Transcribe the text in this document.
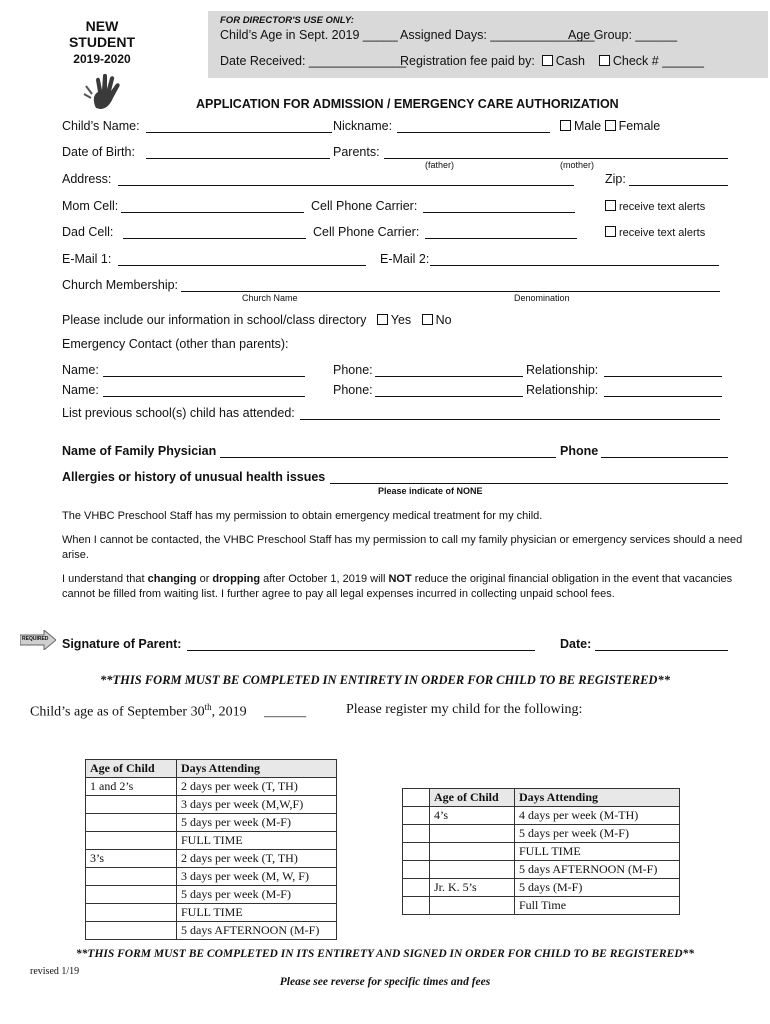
NEW
STUDENT
2019-2020
FOR DIRECTOR'S USE ONLY:
Child’s Age in Sept. 2019 _____ Assigned Days: _______________
Age Group: ______
Date Received: ______________
Registration fee paid by: Cash Check # ______
APPLICATION FOR ADMISSION / EMERGENCY CARE AUTHORIZATION
Child’s Name:	Nickname:	Male Female
Date of Birth:	Parents:
(father)	(mother)
Address:	Zip:
Mom Cell:	Cell Phone Carrier:	receive text alerts
Dad Cell:	Cell Phone Carrier:	receive text alerts
E-Mail 1:	E-Mail 2:
Church Membership:
Church Name	Denomination
Please include our information in school/class directory Yes No
Emergency Contact (other than parents):
Name:	Phone:	Relationship:
Name:	Phone:	Relationship:
List previous school(s) child has attended:
Name of Family Physician	Phone
Allergies or history of unusual health issues
Please indicate of NONE
The VHBC Preschool Staff has my permission to obtain emergency medical treatment for my child.
When I cannot be contacted, the VHBC Preschool Staff has my permission to call my family physician or emergency services should a need arise.
I understand that changing or dropping after October 1, 2019 will NOT reduce the original financial obligation in the event that vacancies cannot be filled from waiting list. I further agree to pay all legal expenses incurred in collecting unpaid school fees.
REQUIRED Signature of Parent:	Date:
**THIS FORM MUST BE COMPLETED IN ENTIRETY IN ORDER FOR CHILD TO BE REGISTERED**
Child’s age as of September 30th, 2019 ______	Please register my child for the following:
Age of Child	Days Attending
1 and 2’s	2 days per week (T, TH)
	3 days per week (M,W,F)
	5 days per week (M-F)
	FULL TIME
3’s	2 days per week (T, TH)
	3 days per week (M, W, F)
	5 days per week (M-F)
	FULL TIME
	5 days AFTERNOON (M-F)
	Age of Child	Days Attending
	4’s	4 days per week (M-TH)
		5 days per week (M-F)
		FULL TIME
		5 days AFTERNOON (M-F)
	Jr. K. 5’s	5 days (M-F)
		Full Time
**THIS FORM MUST BE COMPLETED IN ITS ENTIRETY AND SIGNED IN ORDER FOR CHILD TO BE REGISTERED**
revised 1/19
Please see reverse for specific times and fees
